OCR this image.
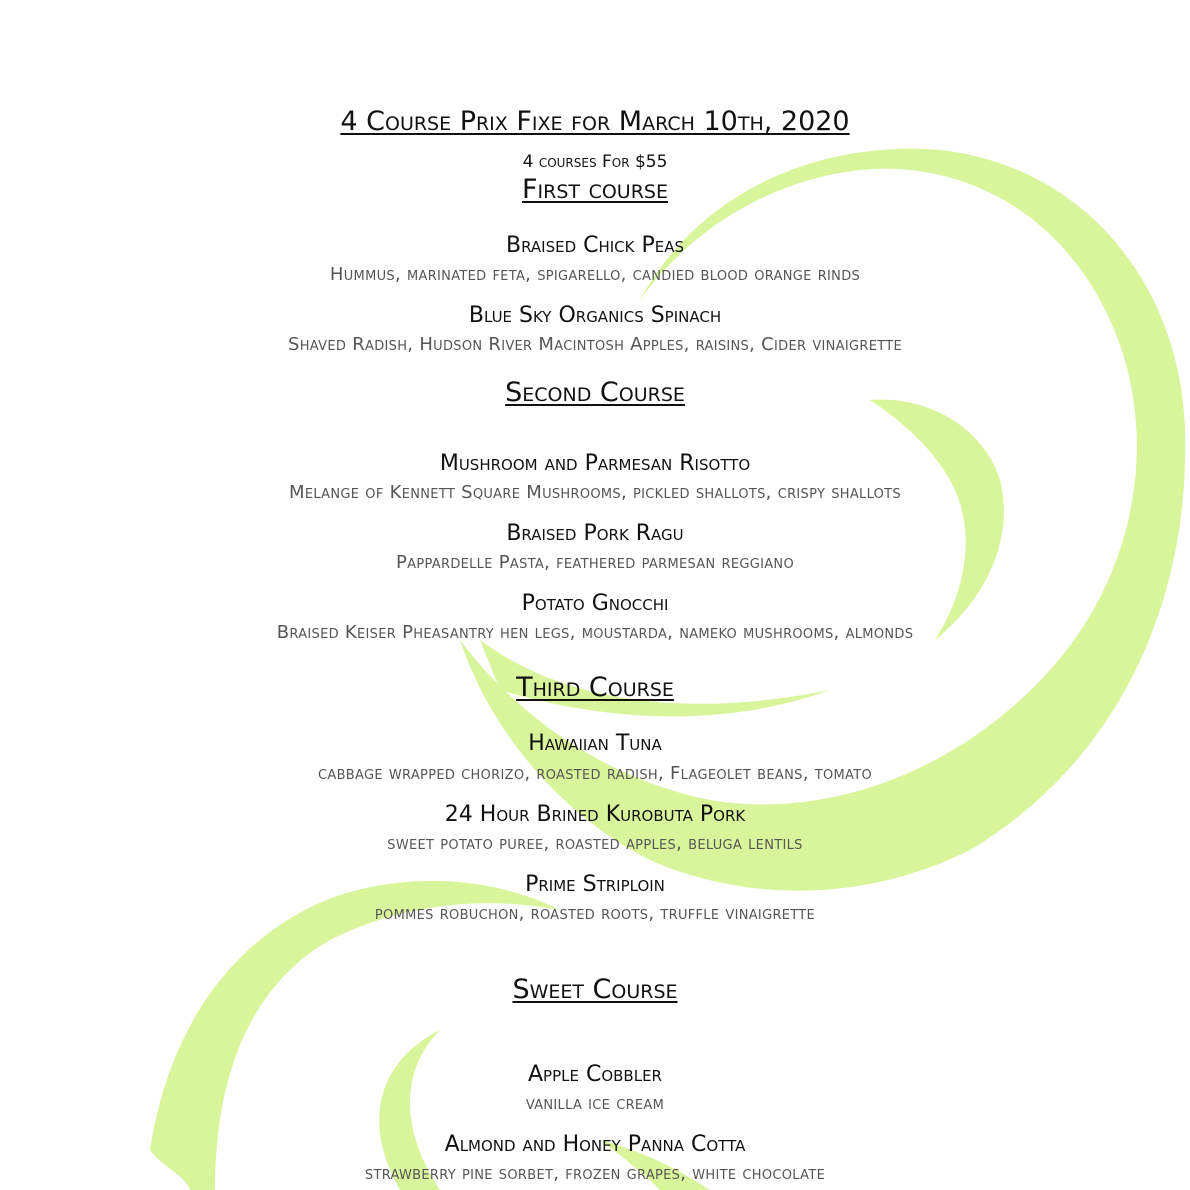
4 Course Prix Fixe for March 10th, 2020
4 courses For $55
First course
Braised Chick Peas
Hummus, marinated feta, spigarello, candied blood orange rinds
Blue Sky Organics Spinach
Shaved Radish, Hudson River Macintosh Apples, raisins, Cider vinaigrette
Second Course
Mushroom and Parmesan Risotto
Melange of Kennett Square Mushrooms, pickled shallots, crispy shallots
Braised Pork Ragu
Pappardelle Pasta, feathered parmesan reggiano
Potato Gnocchi
Braised Keiser Pheasantry hen legs, moustarda, nameko mushrooms, almonds
Third Course
Hawaiian Tuna
cabbage wrapped chorizo, roasted radish, Flageolet beans, tomato
24 Hour Brined Kurobuta Pork
sweet potato puree, roasted apples, beluga lentils
Prime Striploin
pommes robuchon, roasted roots, truffle vinaigrette
Sweet Course
Apple Cobbler
vanilla ice cream
Almond and Honey Panna Cotta
strawberry pine sorbet, frozen grapes, white chocolate
